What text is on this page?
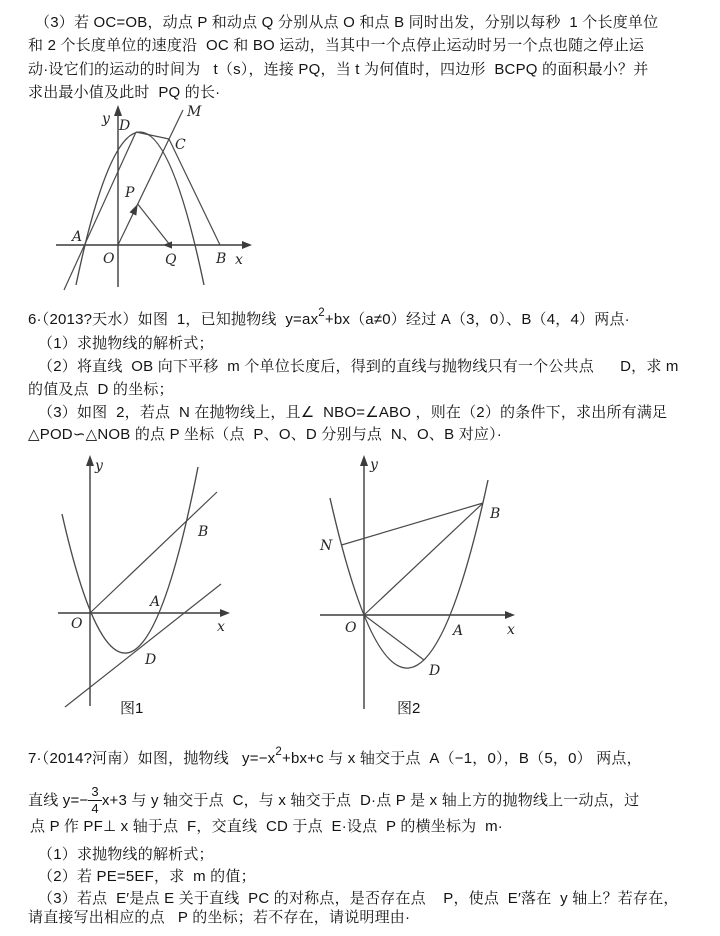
（3）若 OC=OB，动点 P 和动点 Q 分别从点 O 和点 B 同时出发，分别以每秒  1 个长度单位
和 2 个长度单位的速度沿  OC 和 BO 运动，当其中一个点停止运动时另一个点也随之停止运
动·设它们的运动的时间为   t（s），连接 PQ，当 t 为何值时，四边形  BCPQ 的面积最小？并
求出最小值及此时  PQ 的长·
y	M
D
C
P
A
O	Q	B x
6·（2013?天水）如图  1，已知抛物线  $y=ax^2+bx(a\ne 0)$经过 A（3，0）、B（4，4）两点·
（1）求抛物线的解析式；
（2）将直线  OB 向下平移  m 个单位长度后，得到的直线与抛物线只有一个公共点      D，求 m
的值及点  D 的坐标；
（3）如图  2，若点  N 在抛物线上，且∠  NBO=∠ABO ，则在（2）的条件下，求出所有满足
△POD∽△NOB 的点 P 坐标（点  P、O、D 分别与点  N、O、B 对应）·
y
x
O
A
B
D
图1
y
x
O
N
B
A
D
图2
7·（2014?河南）如图，抛物线   $y=-x^2+bx+c$ 与 x 轴交于点  A（−1，0），B（5，0） 两点，
直线 $y=- \frac{3}{4} x+3$ 与 y 轴交于点  C，与 x 轴交于点  D·点 P 是 x 轴上方的抛物线上一动点，过
点 P 作 PF⊥ x 轴于点  F，交直线  CD 于点  E·设点  P 的横坐标为  m·
（1）求抛物线的解析式；
（2）若 PE=5EF，求  m 的值；
（3）若点  E′是点 E 关于直线  PC 的对称点，是否存在点    P，使点  E′落在  y 轴上？若存在，
请直接写出相应的点   P 的坐标；若不存在，请说明理由·
